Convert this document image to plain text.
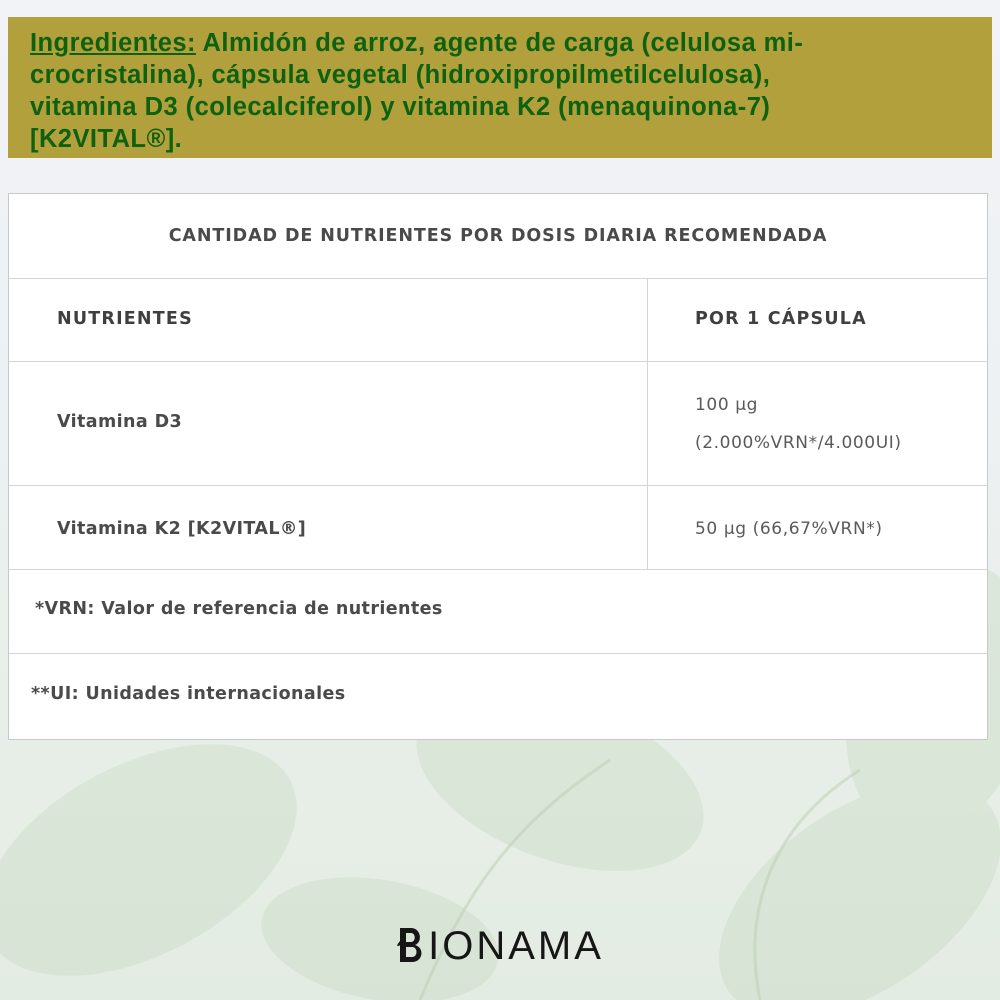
Ingredientes: Almidón de arroz, agente de carga (celulosa mi-
crocristalina), cápsula vegetal (hidroxipropilmetilcelulosa),
vitamina D3 (colecalciferol) y vitamina K2 (menaquinona-7)
[K2VITAL®].
CANTIDAD DE NUTRIENTES POR DOSIS DIARIA RECOMENDADA
NUTRIENTES	POR 1 CÁPSULA
Vitamina D3
100 μg
(2.000%VRN*/4.000UI)
Vitamina K2 [K2VITAL®]	50 μg (66,67%VRN*)
*VRN: Valor de referencia de nutrientes
**UI: Unidades internacionales
IONAMA
